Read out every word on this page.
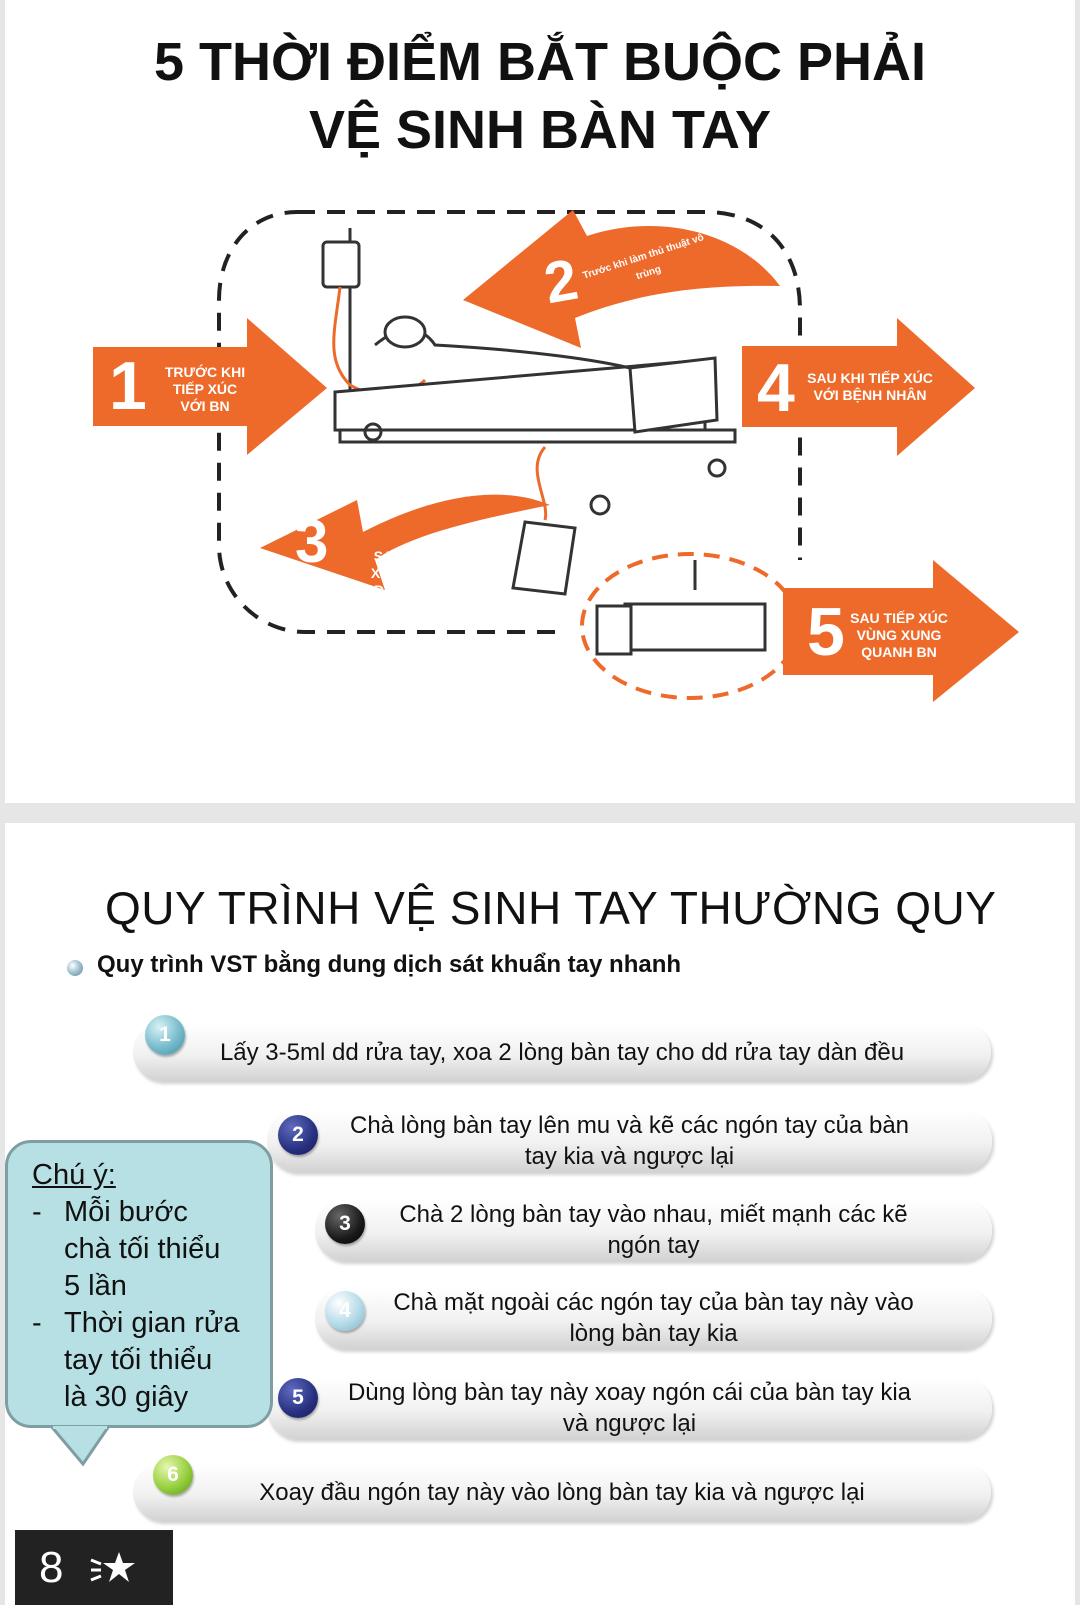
5 THỜI ĐIỂM BẮT BUỘC PHẢI
VỆ SINH BÀN TAY
1
2
3
4
5
TRƯỚC KHI
TIẾP XÚC
VỚI BN
Trước khi làm thủ thuật vô trùng
SAU KHI TIẾP
XÚC VỚI MÁU,
DỊCH CƠ THỂ
SAU KHI TIẾP XÚC
VỚI BỆNH NHÂN
SAU TIẾP XÚC
VÙNG XUNG
QUANH BN
QUY TRÌNH VỆ SINH TAY THƯỜNG QUY
Quy trình VST bằng dung dịch sát khuẩn tay nhanh
Lấy 3-5ml dd rửa tay, xoa 2 lòng bàn tay cho dd rửa tay dàn đều
1
Chà lòng bàn tay lên mu và kẽ các ngón tay của bàn
tay kia và ngược lại
2
Chà 2 lòng bàn tay vào nhau, miết mạnh các kẽ
ngón tay
3
Chà mặt ngoài các ngón tay của bàn tay này vào
lòng bàn tay kia
4
Dùng lòng bàn tay này xoay ngón cái của bàn tay kia
và ngược lại
5
Xoay đầu ngón tay này vào lòng bàn tay kia và ngược lại
6
Chú ý:
- Mỗi bước
chà tối thiểu
5 lần
- Thời gian rửa
tay tối thiểu
là 30 giây
8
